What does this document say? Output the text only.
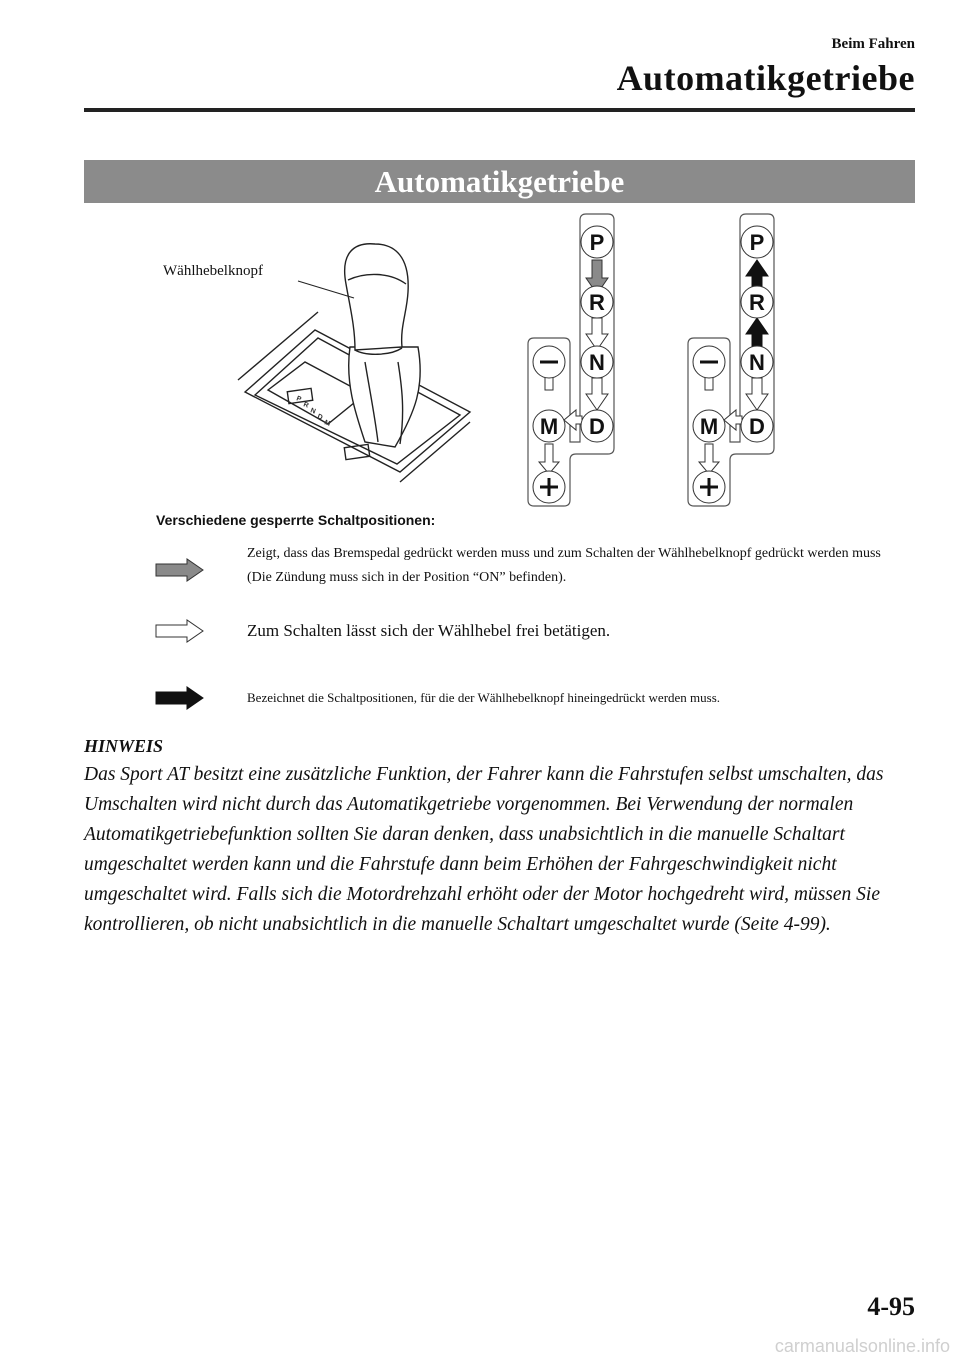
Beim Fahren
Automatikgetriebe
Automatikgetriebe
P
R
N
D
M
P
R
N
D
M
P
R
N
D
M
Wählhebelknopf
Verschiedene gesperrte Schaltpositionen:
Zeigt, dass das Bremspedal gedrückt werden muss und zum Schalten der Wählhebelknopf gedrückt werden muss (Die Zündung muss sich in der Position “ON” befinden).
Zum Schalten lässt sich der Wählhebel frei betätigen.
Bezeichnet die Schaltpositionen, für die der Wählhebelknopf hineingedrückt werden muss.
HINWEIS

Das Sport AT besitzt eine zusätzliche Funktion, der Fahrer kann die Fahrstufen selbst umschalten, das Umschalten wird nicht durch das Automatikgetriebe vorgenommen. Bei Verwendung der normalen Automatikgetriebefunktion sollten Sie daran denken, dass unabsichtlich in die manuelle Schaltart umgeschaltet werden kann und die Fahrstufe dann beim Erhöhen der Fahrgeschwindigkeit nicht umgeschaltet wird. Falls sich die Motordrehzahl erhöht oder der Motor hochgedreht wird, müssen Sie kontrollieren, ob nicht unabsichtlich in die manuelle Schaltart umgeschaltet wurde (Seite 4-99).

4-95
carmanualsonline.info
